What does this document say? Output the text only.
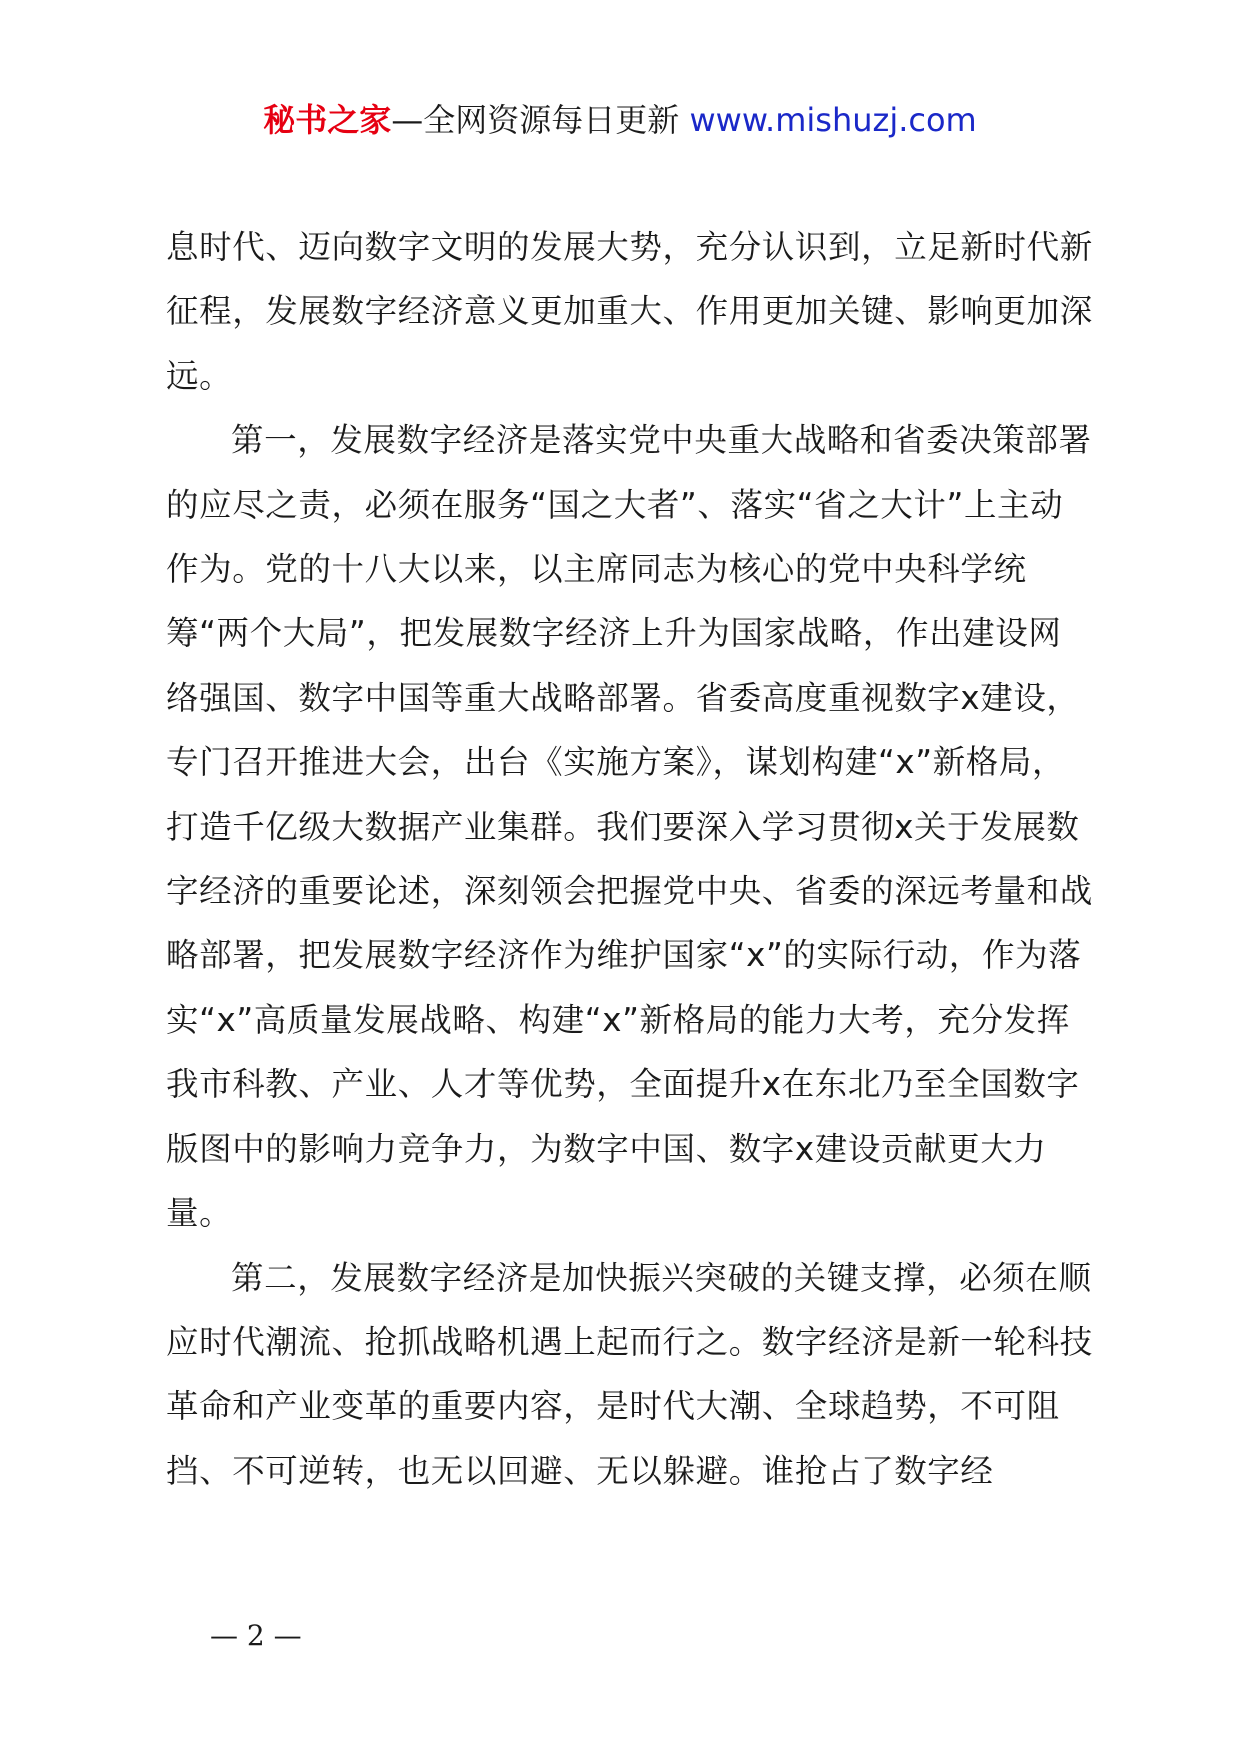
秘书之家—全网资源每日更新 www.mishuzj.com

息时代、迈向数字文明的发展大势，充分认识到，立足新时代新征程，发展数字经济意义更加重大、作用更加关键、影响更加深远。

第一，发展数字经济是落实党中央重大战略和省委决策部署的应尽之责，必须在服务“国之大者”、落实“省之大计”上主动作为。党的十八大以来，以主席同志为核心的党中央科学统筹“两个大局”，把发展数字经济上升为国家战略，作出建设网络强国、数字中国等重大战略部署。省委高度重视数字x建设，专门召开推进大会，出台《实施方案》，谋划构建“x”新格局，打造千亿级大数据产业集群。我们要深入学习贯彻x关于发展数字经济的重要论述，深刻领会把握党中央、省委的深远考量和战略部署，把发展数字经济作为维护国家“x”的实际行动，作为落实“x”高质量发展战略、构建“x”新格局的能力大考，充分发挥我市科教、产业、人才等优势，全面提升x在东北乃至全国数字版图中的影响力竞争力，为数字中国、数字x建设贡献更大力量。

第二，发展数字经济是加快振兴突破的关键支撑，必须在顺应时代潮流、抢抓战略机遇上起而行之。数字经济是新一轮科技革命和产业变革的重要内容，是时代大潮、全球趋势，不可阻挡、不可逆转，也无以回避、无以躲避。谁抢占了数字经

— 2 —
